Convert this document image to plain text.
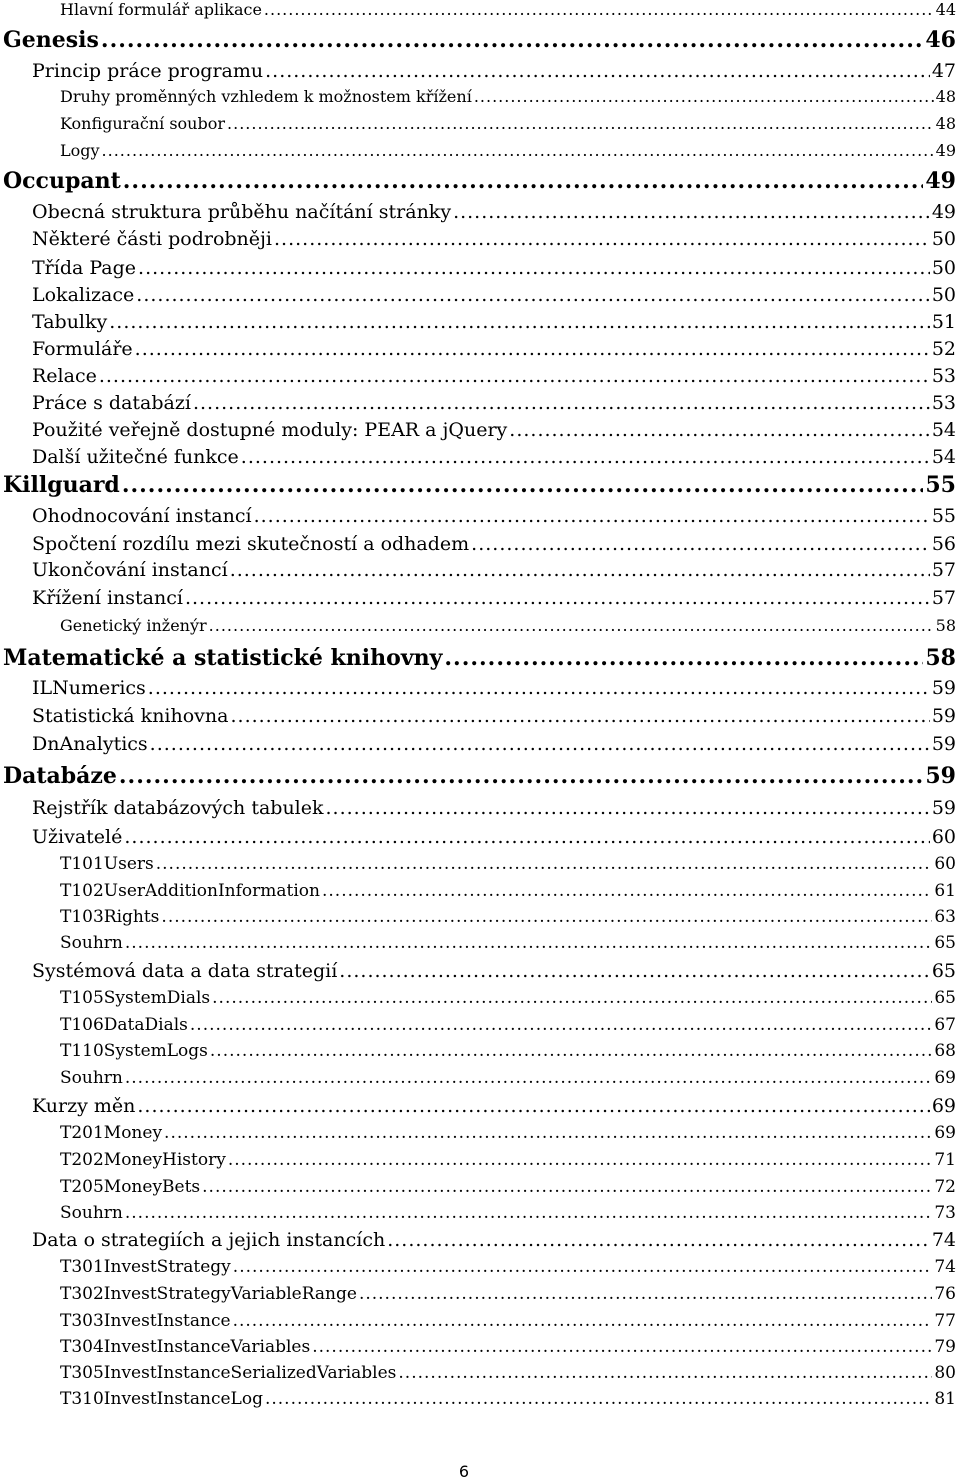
Hlavní formulář aplikace .....	44
Genesis .....	46
Princip práce programu .....	47
Druhy proměnných vzhledem k možnostem křížení .....	48
Konfigurační soubor .....	48
Logy .....	49
Occupant .....	49
Obecná struktura průběhu načítání stránky .....	49
Některé části podrobněji .....	50
Třída Page .....	50
Lokalizace .....	50
Tabulky .....	51
Formuláře .....	52
Relace .....	53
Práce s databází .....	53
Použité veřejně dostupné moduly: PEAR a jQuery .....	54
Další užitečné funkce .....	54
Killguard .....	55
Ohodnocování instancí .....	55
Spočtení rozdílu mezi skutečností a odhadem .....	56
Ukončování instancí .....	57
Křížení instancí .....	57
Genetický inženýr .....	58
Matematické a statistické knihovny .....	58
ILNumerics .....	59
Statistická knihovna .....	59
DnAnalytics .....	59
Databáze .....	59
Rejstřík databázových tabulek .....	59
Uživatelé .....	60
T101Users .....	60
T102UserAdditionInformation .....	61
T103Rights .....	63
Souhrn .....	65
Systémová data a data strategií .....	65
T105SystemDials .....	65
T106DataDials .....	67
T110SystemLogs .....	68
Souhrn .....	69
Kurzy měn .....	69
T201Money .....	69
T202MoneyHistory .....	71
T205MoneyBets .....	72
Souhrn .....	73
Data o strategiích a jejich instancích .....	74
T301InvestStrategy .....	74
T302InvestStrategyVariableRange .....	76
T303InvestInstance .....	77
T304InvestInstanceVariables .....	79
T305InvestInstanceSerializedVariables .....	80
T310InvestInstanceLog .....	81
6
